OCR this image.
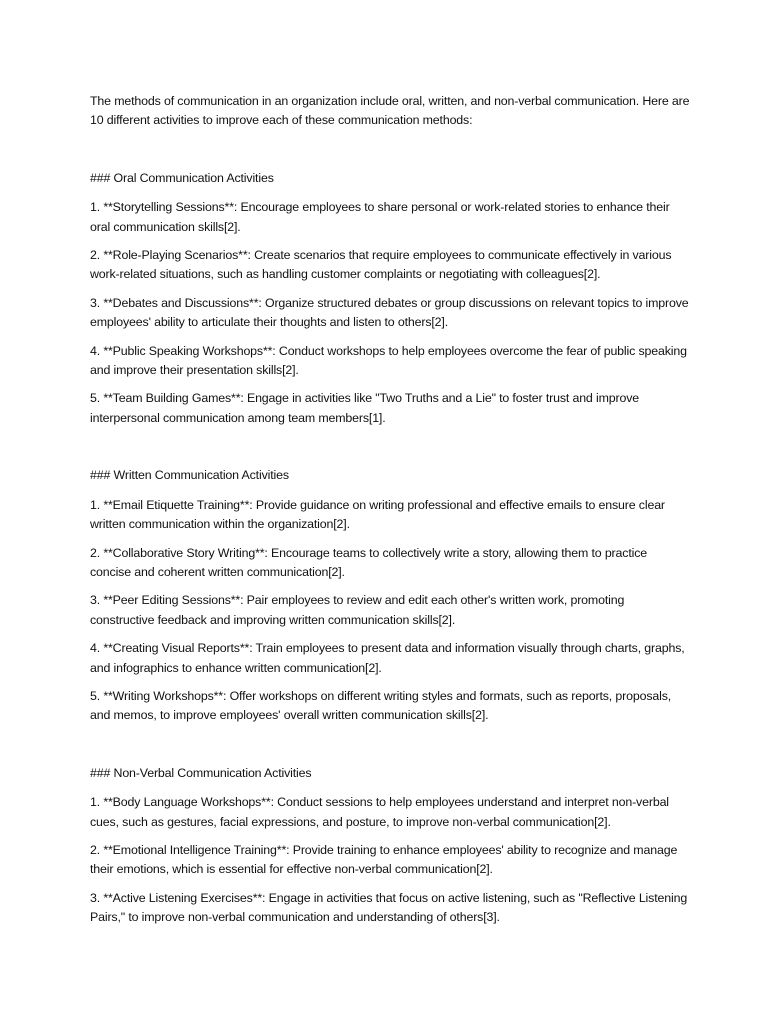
The methods of communication in an organization include oral, written, and non-verbal communication. Here are 10 different activities to improve each of these communication methods:

### Oral Communication Activities

1. **Storytelling Sessions**: Encourage employees to share personal or work-related stories to enhance their oral communication skills[2].

2. **Role-Playing Scenarios**: Create scenarios that require employees to communicate effectively in various work-related situations, such as handling customer complaints or negotiating with colleagues[2].

3. **Debates and Discussions**: Organize structured debates or group discussions on relevant topics to improve employees' ability to articulate their thoughts and listen to others[2].

4. **Public Speaking Workshops**: Conduct workshops to help employees overcome the fear of public speaking and improve their presentation skills[2].

5. **Team Building Games**: Engage in activities like "Two Truths and a Lie" to foster trust and improve interpersonal communication among team members[1].

### Written Communication Activities

1. **Email Etiquette Training**: Provide guidance on writing professional and effective emails to ensure clear written communication within the organization[2].

2. **Collaborative Story Writing**: Encourage teams to collectively write a story, allowing them to practice concise and coherent written communication[2].

3. **Peer Editing Sessions**: Pair employees to review and edit each other's written work, promoting constructive feedback and improving written communication skills[2].

4. **Creating Visual Reports**: Train employees to present data and information visually through charts, graphs, and infographics to enhance written communication[2].

5. **Writing Workshops**: Offer workshops on different writing styles and formats, such as reports, proposals, and memos, to improve employees' overall written communication skills[2].

### Non-Verbal Communication Activities

1. **Body Language Workshops**: Conduct sessions to help employees understand and interpret non-verbal cues, such as gestures, facial expressions, and posture, to improve non-verbal communication[2].

2. **Emotional Intelligence Training**: Provide training to enhance employees' ability to recognize and manage their emotions, which is essential for effective non-verbal communication[2].

3. **Active Listening Exercises**: Engage in activities that focus on active listening, such as "Reflective Listening Pairs," to improve non-verbal communication and understanding of others[3].
